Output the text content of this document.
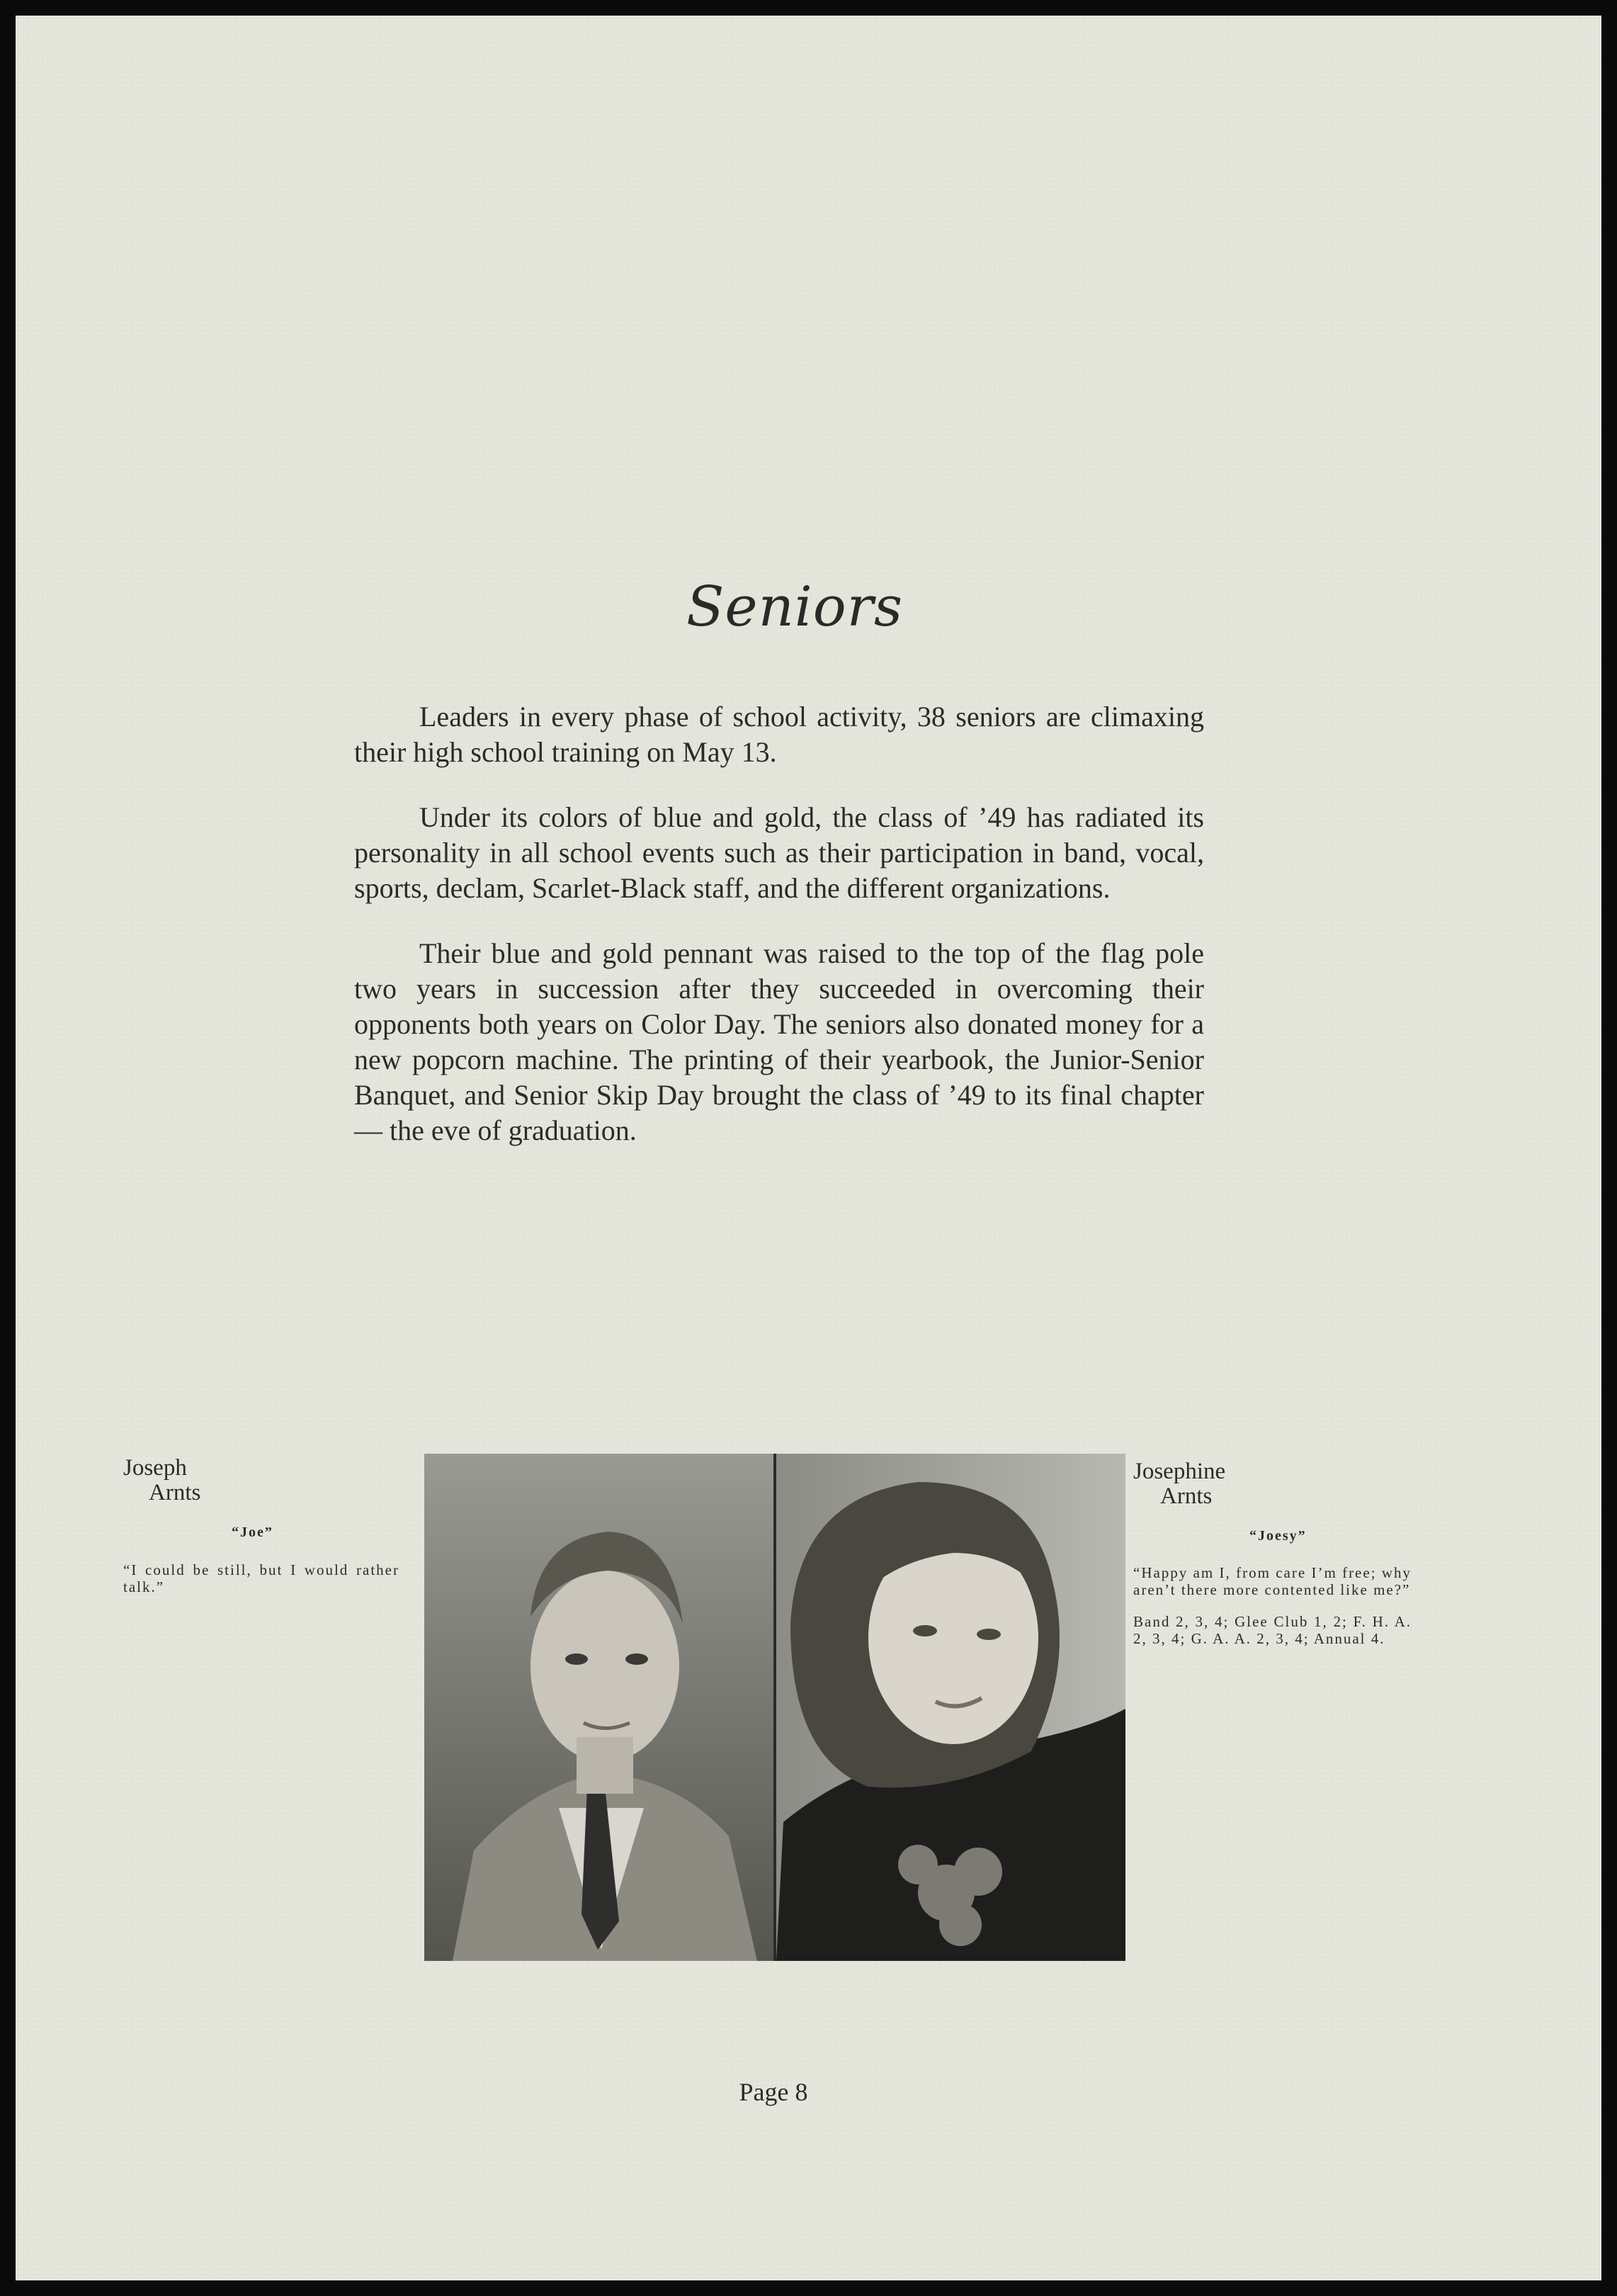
Seniors

Leaders in every phase of school activity, 38 seniors are climaxing their high school training on May 13.

Under its colors of blue and gold, the class of ’49 has radiated its personality in all school events such as their participation in band, vocal, sports, declam, Scarlet-Black staff, and the different organizations.

Their blue and gold pennant was raised to the top of the flag pole two years in succession after they succeeded in overcoming their opponents both years on Color Day. The seniors also donated money for a new popcorn machine. The printing of their yearbook, the Junior-Senior Banquet, and Senior Skip Day brought the class of ’49 to its final chapter — the eve of graduation.

Joseph
Arnts
“Joe”
“I could be still, but I would rather talk.”
Josephine
Arnts
“Joesy”
“Happy am I, from care I’m free; why aren’t there more contented like me?”
Band 2, 3, 4; Glee Club 1, 2; F. H. A. 2, 3, 4; G. A. A. 2, 3, 4; Annual 4.
Page 8
